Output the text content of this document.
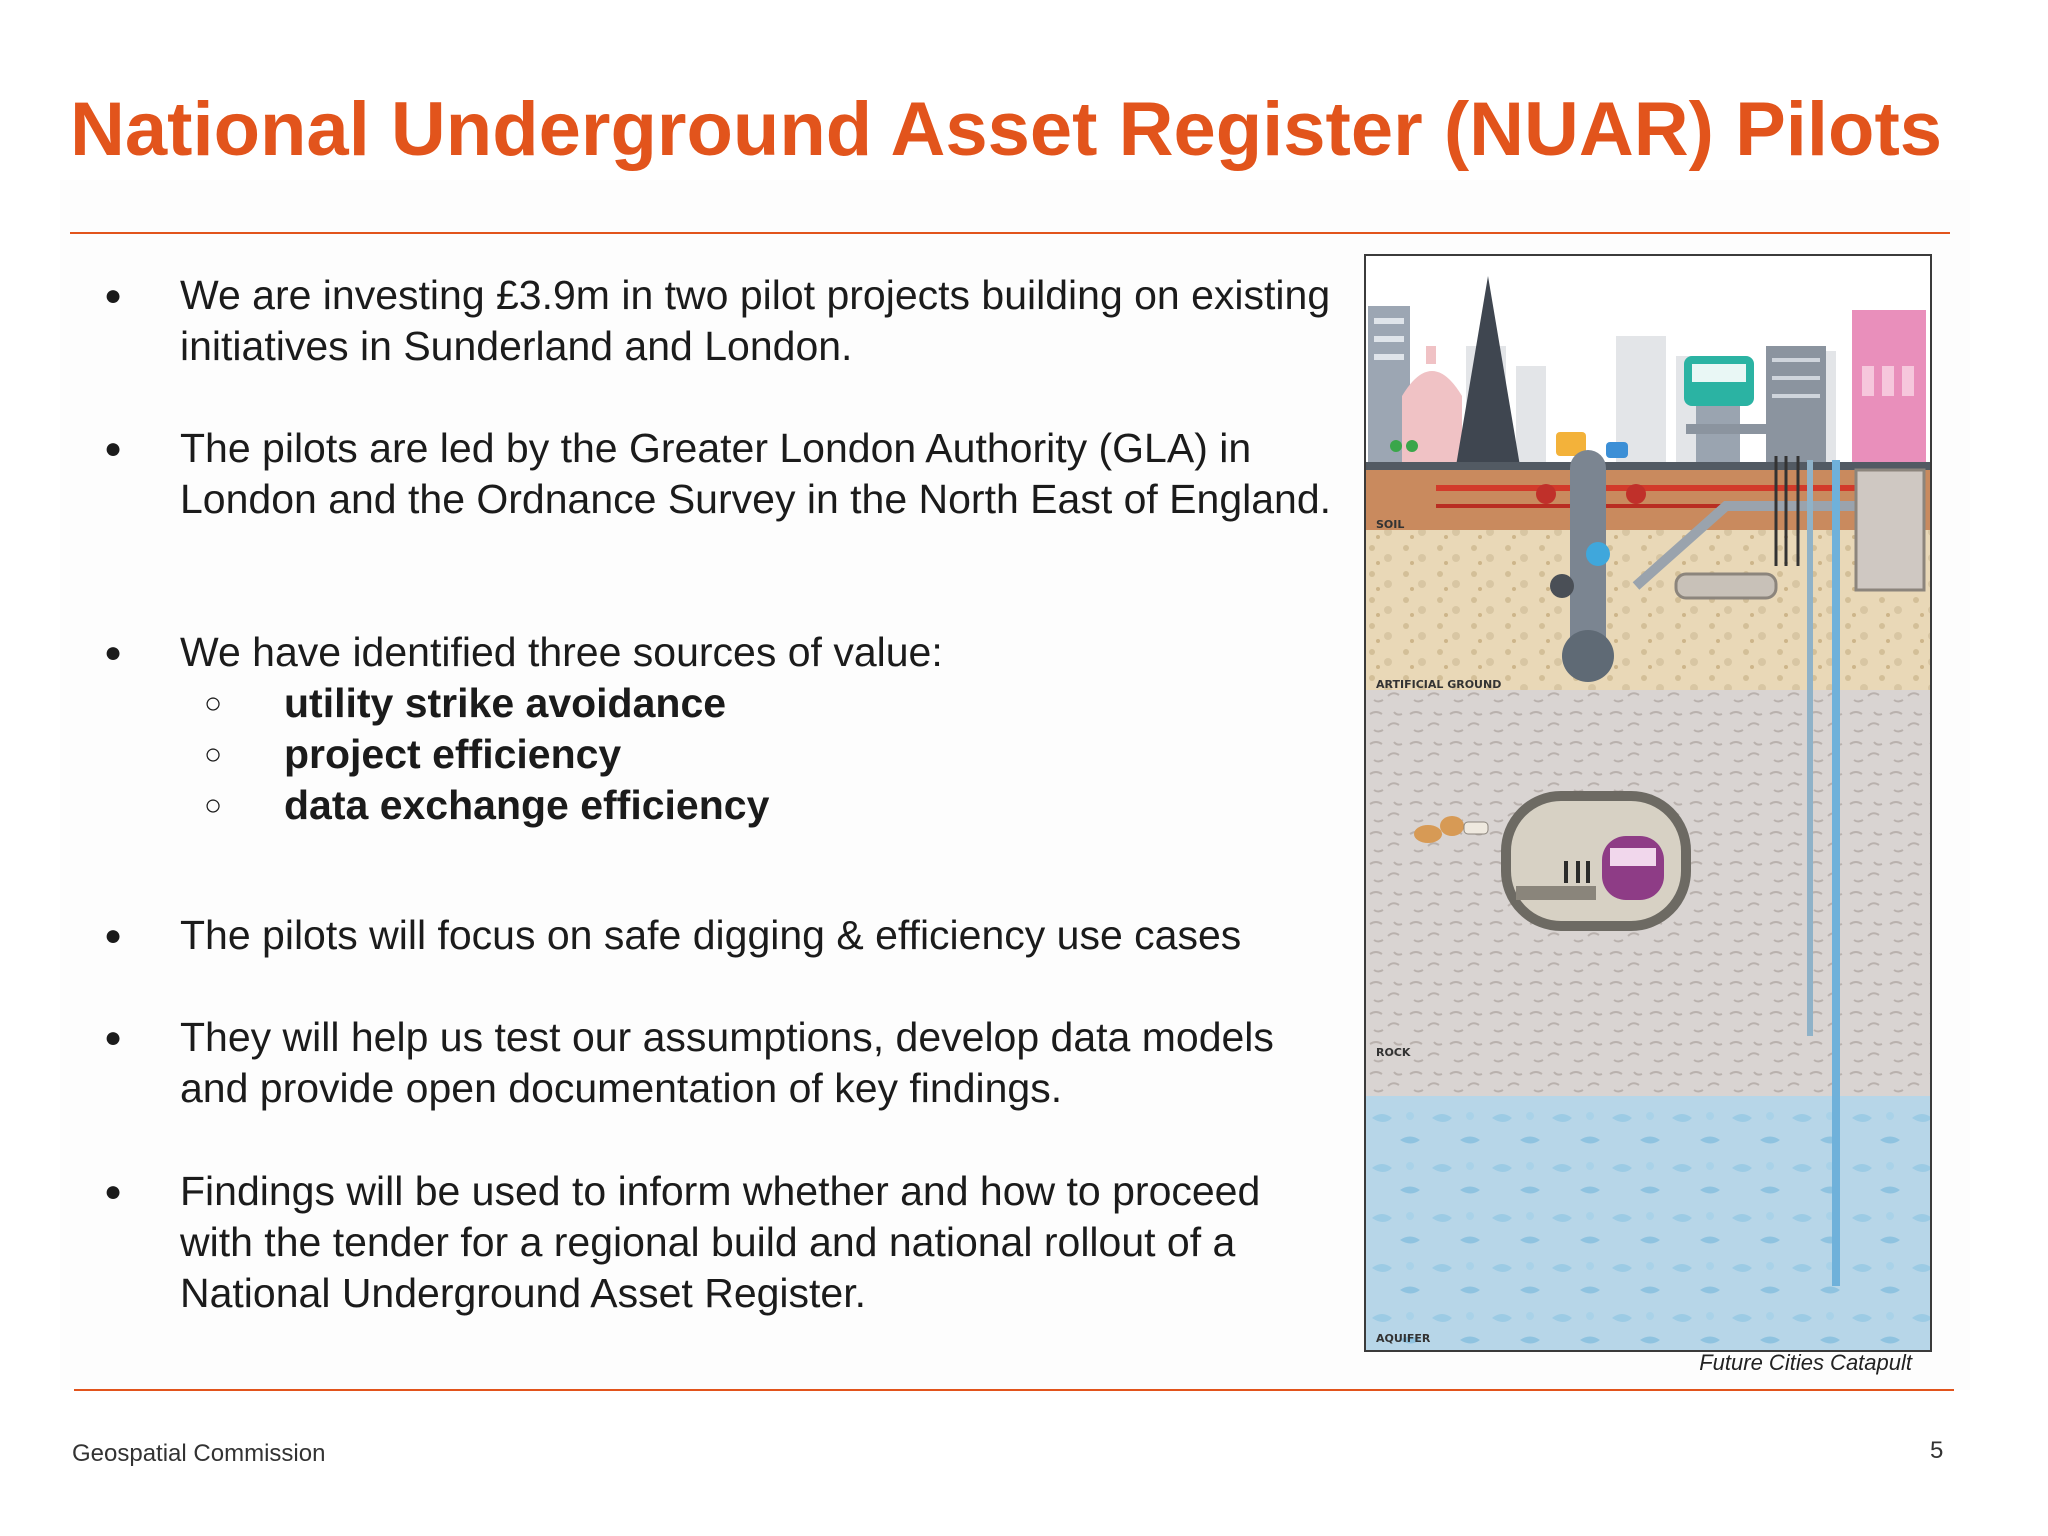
National Underground Asset Register (NUAR) Pilots
● We are investing £3.9m in two pilot projects building on existing initiatives in Sunderland and London.
● The pilots are led by the Greater London Authority (GLA) in London and the Ordnance Survey in the North East of England.
● We have identified three sources of value:
○ utility strike avoidance
○ project efficiency
○ data exchange efficiency
● The pilots will focus on safe digging & efficiency use cases
● They will help us test our assumptions, develop data models and provide open documentation of key findings.
● Findings will be used to inform whether and how to proceed with the tender for a regional build and national rollout of a National Underground Asset Register.
SOIL
ARTIFICIAL GROUND
ROCK
AQUIFER
Future Cities Catapult
Geospatial Commission	5
